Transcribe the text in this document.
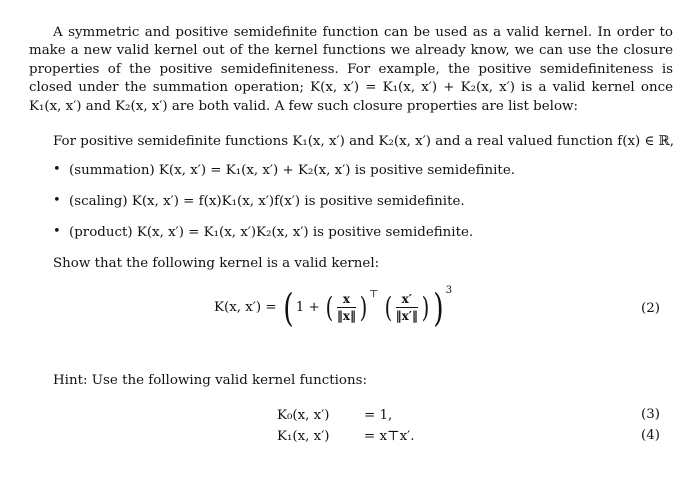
A symmetric and positive semidefinite function can be used as a valid kernel. In order to make a new valid kernel out of the kernel functions we already know, we can use the closure properties of the positive semidefiniteness. For example, the positive semidefiniteness is closed under the summation operation; K(x, x′) = K₁(x, x′) + K₂(x, x′) is a valid kernel once K₁(x, x′) and K₂(x, x′) are both valid. A few such closure properties are list below:
For positive semidefinite functions K₁(x, x′) and K₂(x, x′) and a real valued function f(x) ∈ ℝ,
• (summation) K(x, x′) = K₁(x, x′) + K₂(x, x′) is positive semidefinite.
• (scaling) K(x, x′) = f(x)K₁(x, x′)f(x′) is positive semidefinite.
• (product) K(x, x′) = K₁(x, x′)K₂(x, x′) is positive semidefinite.
Show that the following kernel is a valid kernel:
K(x, x′) = ( 1 + ( $\frac{x}{‖x‖}$ ) ⊤ ( $\frac{x'}{‖x'‖}$ ) ) $^3$
(2)
Hint: Use the following valid kernel functions:
K₀(x, x′)	= 1,	(3)
K₁(x, x′)	= x⊤x′.	(4)
